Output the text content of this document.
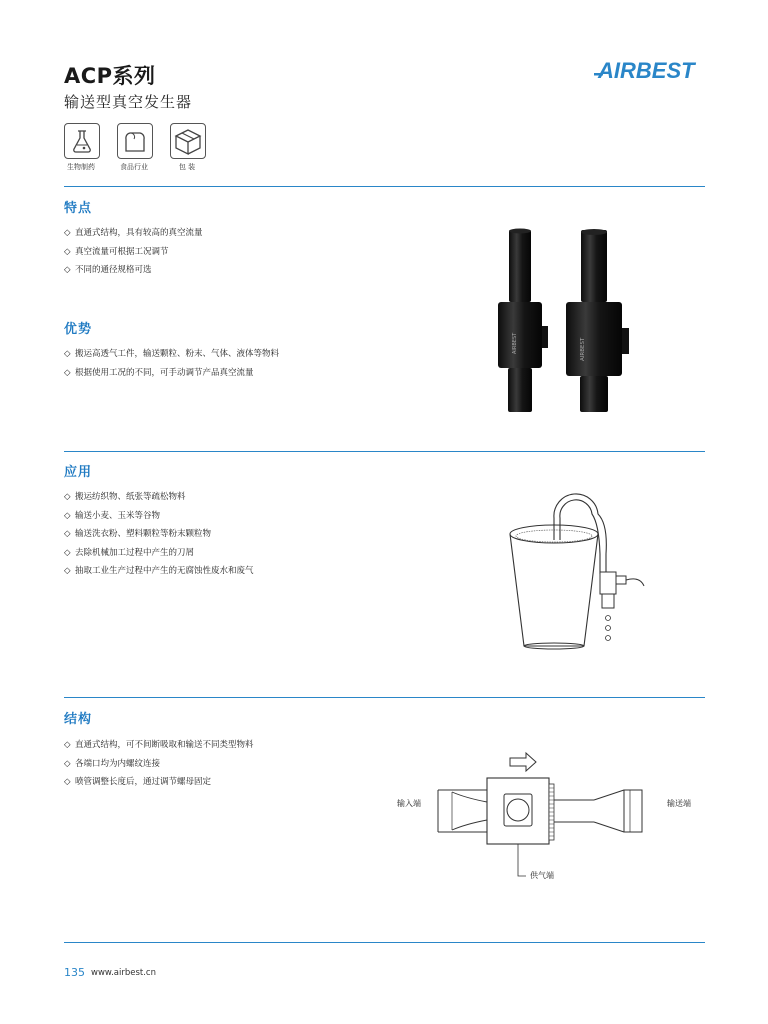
ACP系列
输送型真空发生器
AIRBEST
生物制药	食品行业	包 装
特点
◇ 直通式结构，具有较高的真空流量
◇ 真空流量可根据工况调节
◇ 不同的通径规格可选
AIRBEST	AIRBEST
优势
◇ 搬运高透气工件，输送颗粒、粉末、气体、液体等物料
◇ 根据使用工况的不同，可手动调节产品真空流量
应用
◇ 搬运纺织物、纸张等疏松物料
◇ 输送小麦、玉米等谷物
◇ 输送洗衣粉、塑料颗粒等粉末颗粒物
◇ 去除机械加工过程中产生的刀屑
◇ 抽取工业生产过程中产生的无腐蚀性废水和废气
结构
◇ 直通式结构，可不间断吸取和输送不同类型物料
◇ 各端口均为内螺纹连接
◇ 喷管调整长度后，通过调节螺母固定
输入端	输送端
供气端
135 www.airbest.cn
